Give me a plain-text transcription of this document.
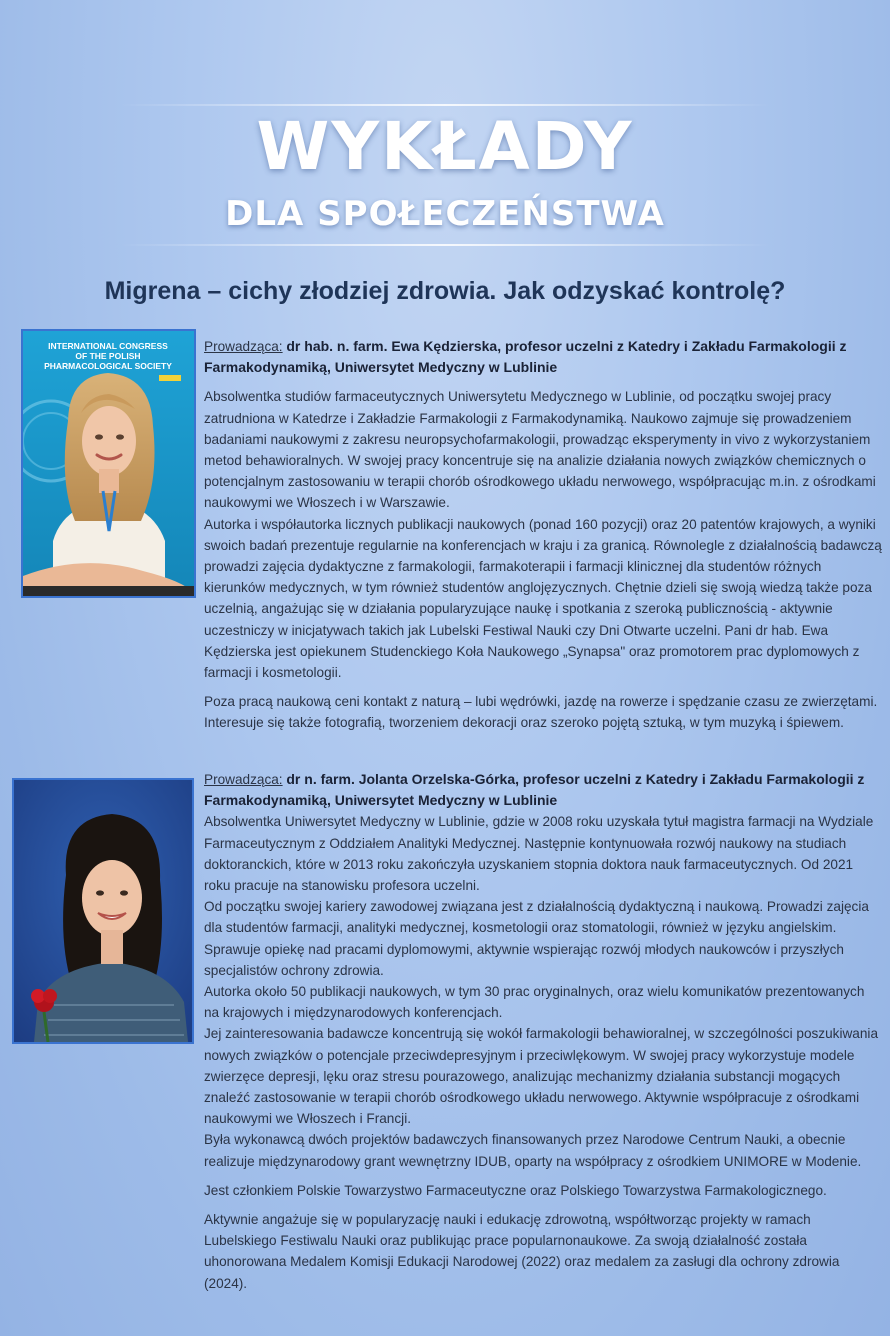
WYKŁADY
DLA SPOŁECZEŃSTWA
Migrena – cichy złodziej zdrowia. Jak odzyskać kontrolę?
INTERNATIONAL CONGRESS
OF THE POLISH
PHARMACOLOGICAL SOCIETY

Prowadząca: dr hab. n. farm. Ewa Kędzierska, profesor uczelni z Katedry i Zakładu Farmakologii z Farmakodynamiką, Uniwersytet Medyczny w Lublinie

Absolwentka studiów farmaceutycznych Uniwersytetu Medycznego w Lublinie, od początku swojej pracy zatrudniona w Katedrze i Zakładzie Farmakologii z Farmakodynamiką. Naukowo zajmuje się prowadzeniem badaniami naukowymi z zakresu neuropsychofarmakologii, prowadząc eksperymenty in vivo z wykorzystaniem metod behawioralnych. W swojej pracy koncentruje się na analizie działania nowych związków chemicznych o potencjalnym zastosowaniu w terapii chorób ośrodkowego układu nerwowego, współpracując m.in. z ośrodkami naukowymi we Włoszech i w Warszawie.

Autorka i współautorka licznych publikacji naukowych (ponad 160 pozycji) oraz 20 patentów krajowych, a wyniki swoich badań prezentuje regularnie na konferencjach w kraju i za granicą. Równolegle z działalnością badawczą prowadzi zajęcia dydaktyczne z farmakologii, farmakoterapii i farmacji klinicznej dla studentów różnych kierunków medycznych, w tym również studentów anglojęzycznych. Chętnie dzieli się swoją wiedzą także poza uczelnią, angażując się w działania popularyzujące naukę i spotkania z szeroką publicznością - aktywnie uczestniczy w inicjatywach takich jak Lubelski Festiwal Nauki czy Dni Otwarte uczelni. Pani dr hab. Ewa Kędzierska jest opiekunem Studenckiego Koła Naukowego „Synapsa" oraz promotorem prac dyplomowych z farmacji i kosmetologii.

Poza pracą naukową ceni kontakt z naturą – lubi wędrówki, jazdę na rowerze i spędzanie czasu ze zwierzętami. Interesuje się także fotografią, tworzeniem dekoracji oraz szeroko pojętą sztuką, w tym muzyką i śpiewem.

Prowadząca: dr n. farm. Jolanta Orzelska-Górka, profesor uczelni z Katedry i Zakładu Farmakologii z Farmakodynamiką, Uniwersytet Medyczny w Lublinie

Absolwentka Uniwersytet Medyczny w Lublinie, gdzie w 2008 roku uzyskała tytuł magistra farmacji na Wydziale Farmaceutycznym z Oddziałem Analityki Medycznej. Następnie kontynuowała rozwój naukowy na studiach doktoranckich, które w 2013 roku zakończyła uzyskaniem stopnia doktora nauk farmaceutycznych. Od 2021 roku pracuje na stanowisku profesora uczelni.

Od początku swojej kariery zawodowej związana jest z działalnością dydaktyczną i naukową. Prowadzi zajęcia dla studentów farmacji, analityki medycznej, kosmetologii oraz stomatologii, również w języku angielskim. Sprawuje opiekę nad pracami dyplomowymi, aktywnie wspierając rozwój młodych naukowców i przyszłych specjalistów ochrony zdrowia.

Autorka około 50 publikacji naukowych, w tym 30 prac oryginalnych, oraz wielu komunikatów prezentowanych na krajowych i międzynarodowych konferencjach.

Jej zainteresowania badawcze koncentrują się wokół farmakologii behawioralnej, w szczególności poszukiwania nowych związków o potencjale przeciwdepresyjnym i przeciwlękowym. W swojej pracy wykorzystuje modele zwierzęce depresji, lęku oraz stresu pourazowego, analizując mechanizmy działania substancji mogących znaleźć zastosowanie w terapii chorób ośrodkowego układu nerwowego. Aktywnie współpracuje z ośrodkami naukowymi we Włoszech i Francji.

Była wykonawcą dwóch projektów badawczych finansowanych przez Narodowe Centrum Nauki, a obecnie realizuje międzynarodowy grant wewnętrzny IDUB, oparty na współpracy z ośrodkiem UNIMORE w Modenie.

Jest członkiem Polskie Towarzystwo Farmaceutyczne oraz Polskiego Towarzystwa Farmakologicznego.

Aktywnie angażuje się w popularyzację nauki i edukację zdrowotną, współtworząc projekty w ramach Lubelskiego Festiwalu Nauki oraz publikując prace popularnonaukowe. Za swoją działalność została uhonorowana Medalem Komisji Edukacji Narodowej (2022) oraz medalem za zasługi dla ochrony zdrowia (2024).
